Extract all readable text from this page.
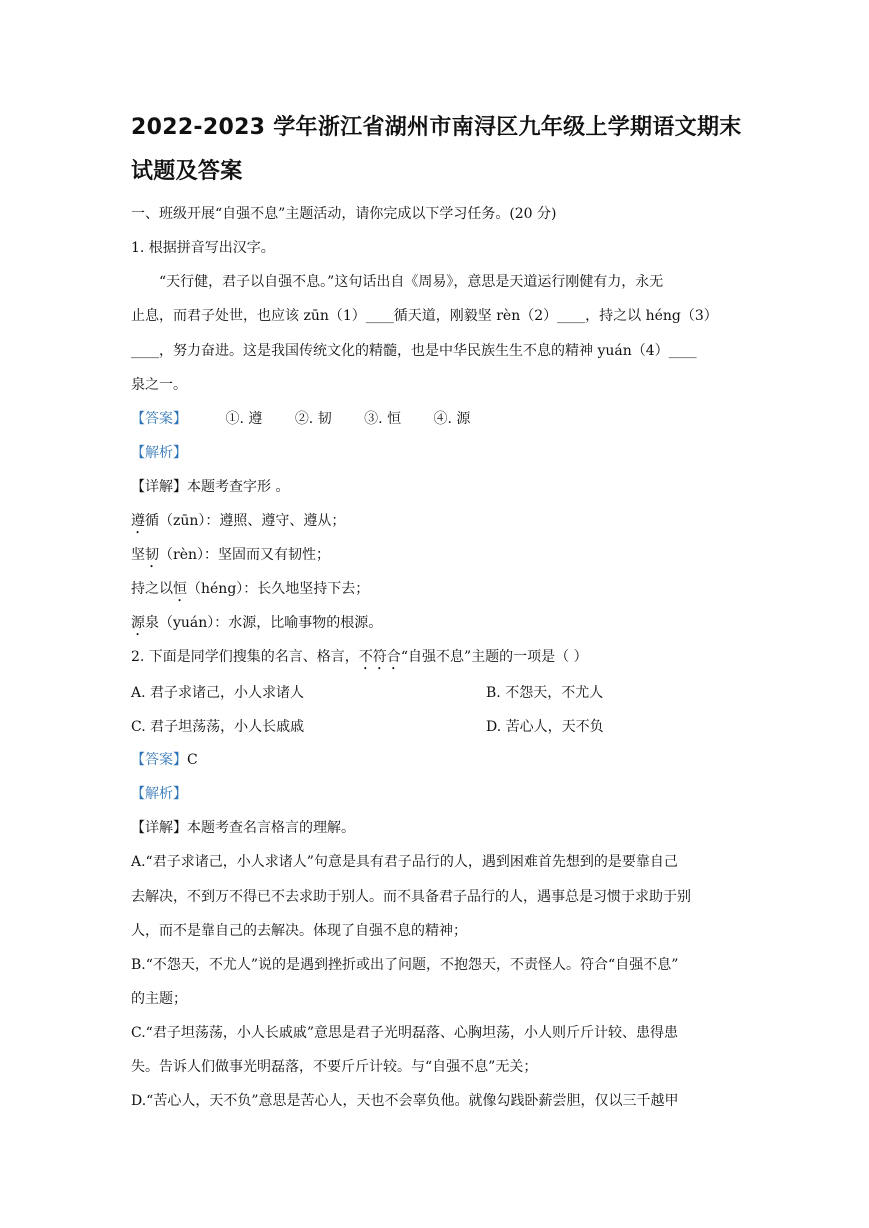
2022-2023 学年浙江省湖州市南浔区九年级上学期语文期末
试题及答案
一、班级开展“自强不息”主题活动，请你完成以下学习任务。(20 分)
1. 根据拼音写出汉字。
“天行健，君子以自强不息。”这句话出自《周易》，意思是天道运行刚健有力，永无
止息，而君子处世，也应该 zūn（1）____循天道，刚毅坚 rèn（2）____，持之以 héng（3）
____，努力奋进。这是我国传统文化的精髓，也是中华民族生生不息的精神 yuán（4）____
泉之一。
【答案】	①. 遵 ②. 韧 ③. 恒 ④. 源
【解析】
【详解】本题考查字形 。
遵循（zūn）：遵照、遵守、遵从；
坚韧（rèn）：坚固而又有韧性；
持之以恒（héng）：长久地坚持下去；
源泉（yuán）：水源，比喻事物的根源。
2. 下面是同学们搜集的名言、格言，不符合“自强不息”主题的一项是（ ）
A. 君子求诸己，小人求诸人	B. 不怨天，不尤人
C. 君子坦荡荡，小人长戚戚	D. 苦心人，天不负
【答案】C
【解析】
【详解】本题考查名言格言的理解。
A.“君子求诸己，小人求诸人”句意是具有君子品行的人，遇到困难首先想到的是要靠自己
去解决，不到万不得已不去求助于别人。而不具备君子品行的人，遇事总是习惯于求助于别
人，而不是靠自己的去解决。体现了自强不息的精神；
B.“不怨天，不尤人”说的是遇到挫折或出了问题，不抱怨天，不责怪人。符合“自强不息”
的主题；
C.“君子坦荡荡，小人长戚戚”意思是君子光明磊落、心胸坦荡，小人则斤斤计较、患得患
失。告诉人们做事光明磊落，不要斤斤计较。与“自强不息”无关；
D.“苦心人，天不负”意思是苦心人，天也不会辜负他。就像勾践卧薪尝胆，仅以三千越甲
